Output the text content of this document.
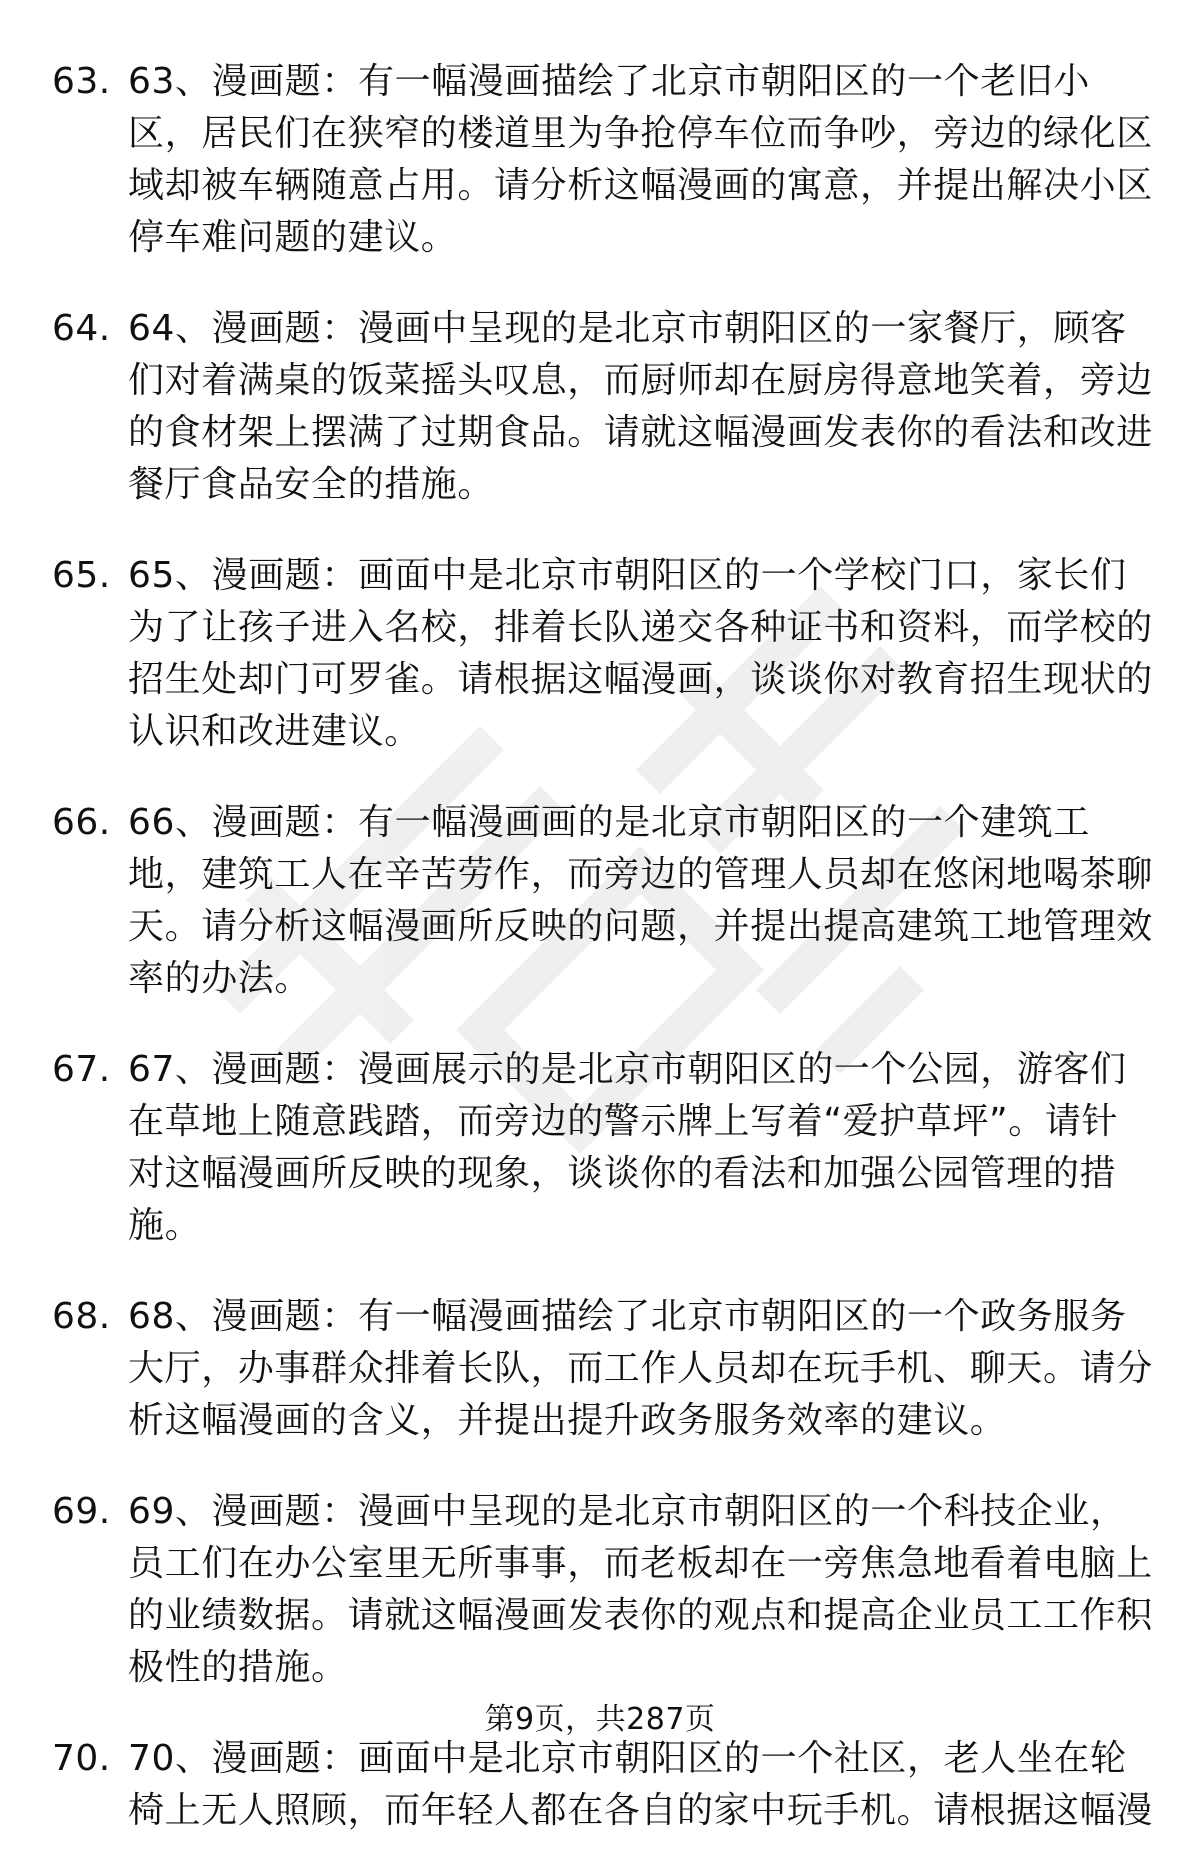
63. 63、漫画题：有一幅漫画描绘了北京市朝阳区的一个老旧小区，居民们在狭窄的楼道里为争抢停车位而争吵，旁边的绿化区域却被车辆随意占用。请分析这幅漫画的寓意，并提出解决小区停车难问题的建议。
64. 64、漫画题：漫画中呈现的是北京市朝阳区的一家餐厅，顾客们对着满桌的饭菜摇头叹息，而厨师却在厨房得意地笑着，旁边的食材架上摆满了过期食品。请就这幅漫画发表你的看法和改进餐厅食品安全的措施。
65. 65、漫画题：画面中是北京市朝阳区的一个学校门口，家长们为了让孩子进入名校，排着长队递交各种证书和资料，而学校的招生处却门可罗雀。请根据这幅漫画，谈谈你对教育招生现状的认识和改进建议。
66. 66、漫画题：有一幅漫画画的是北京市朝阳区的一个建筑工地，建筑工人在辛苦劳作，而旁边的管理人员却在悠闲地喝茶聊天。请分析这幅漫画所反映的问题，并提出提高建筑工地管理效率的办法。
67. 67、漫画题：漫画展示的是北京市朝阳区的一个公园，游客们在草地上随意践踏，而旁边的警示牌上写着“爱护草坪”。请针对这幅漫画所反映的现象，谈谈你的看法和加强公园管理的措施。
68. 68、漫画题：有一幅漫画描绘了北京市朝阳区的一个政务服务大厅，办事群众排着长队，而工作人员却在玩手机、聊天。请分析这幅漫画的含义，并提出提升政务服务效率的建议。
69. 69、漫画题：漫画中呈现的是北京市朝阳区的一个科技企业，员工们在办公室里无所事事，而老板却在一旁焦急地看着电脑上的业绩数据。请就这幅漫画发表你的观点和提高企业员工工作积极性的措施。
70. 70、漫画题：画面中是北京市朝阳区的一个社区，老人坐在轮椅上无人照顾，而年轻人都在各自的家中玩手机。请根据这幅漫
第9页，共287页
